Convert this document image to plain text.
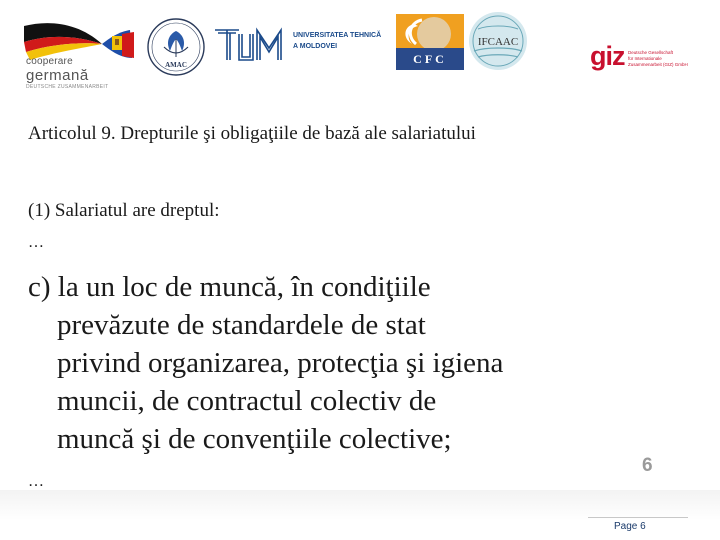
cooperare
germană
DEUTSCHE ZUSAMMENARBEIT
AMAC
UNIVERSITATEA TEHNICĂ
A MOLDOVEI
CFC
IFCAAC	giz Deutsche Gesellschaft
für Internationale
Zusammenarbeit (GIZ) GmbH
Articolul 9. Drepturile şi obligaţiile de bază ale salariatului
(1) Salariatul are dreptul:
…
c) la un loc de muncă, în condiţiile
prevăzute de standardele de stat
privind organizarea, protecţia şi igiena
muncii, de contractul colectiv de
muncă şi de convenţiile colective;
…
6
Page 6
